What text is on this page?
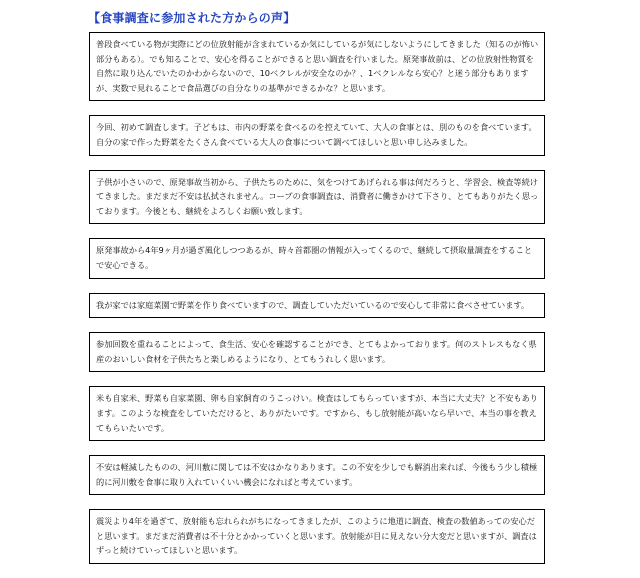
【食事調査に参加された方からの声】
普段食べている物が実際にどの位放射能が含まれているか気にしているが気にしないようにしてきました（知るのが怖い部分もある）。でも知ることで、安心を得ることができると思い調査を行いました。原発事故前は、どの位放射性物質を自然に取り込んでいたのかわからないので、10ベクレルが安全なのか？、1ベクレルなら安心？と迷う部分もありますが、実数で見れることで食品選びの自分なりの基準ができるかな？と思います。
今回、初めて調査します。子どもは、市内の野菜を食べるのを控えていて、大人の食事とは、別のものを食べています。自分の家で作った野菜をたくさん食べている大人の食事について調べてほしいと思い申し込みました。
子供が小さいので、原発事故当初から、子供たちのために、気をつけてあげられる事は何だろうと、学習会、検査等続けてきました。まだまだ不安は払拭されません。コープの食事調査は、消費者に働きかけて下さり、とてもありがたく思っております。今後とも、継続をよろしくお願い致します。
原発事故から4年9ヶ月が過ぎ風化しつつあるが、時々首都圏の情報が入ってくるので、継続して摂取量調査をすることで安心できる。
我が家では家庭菜園で野菜を作り食べていますので、調査していただいているので安心して非常に食べさせています。
参加回数を重ねることによって、食生活、安心を確認することができ、とてもよかっております。何のストレスもなく県産のおいしい食材を子供たちと楽しめるようになり、とてもうれしく思います。
米も自家米、野菜も自家菜園、卵も自家飼育のうこっけい。検査はしてもらっていますが、本当に大丈夫？と不安もあります。このような検査をしていただけると、ありがたいです。ですから、もし放射能が高いなら早いで、本当の事を教えてもらいたいです。
不安は軽減したものの、河川敷に関しては不安はかなりあります。この不安を少しでも解消出来れば、今後もう少し積極的に河川敷を食事に取り入れていくいい機会になればと考えています。
震災より4年を過ぎて、放射能も忘れられがちになってきましたが、このように地道に調査、検査の数値あっての安心だと思います。まだまだ消費者は不十分とかかっていくと思います。放射能が目に見えない分大変だと思いますが、調査はずっと続けていってほしいと思います。
